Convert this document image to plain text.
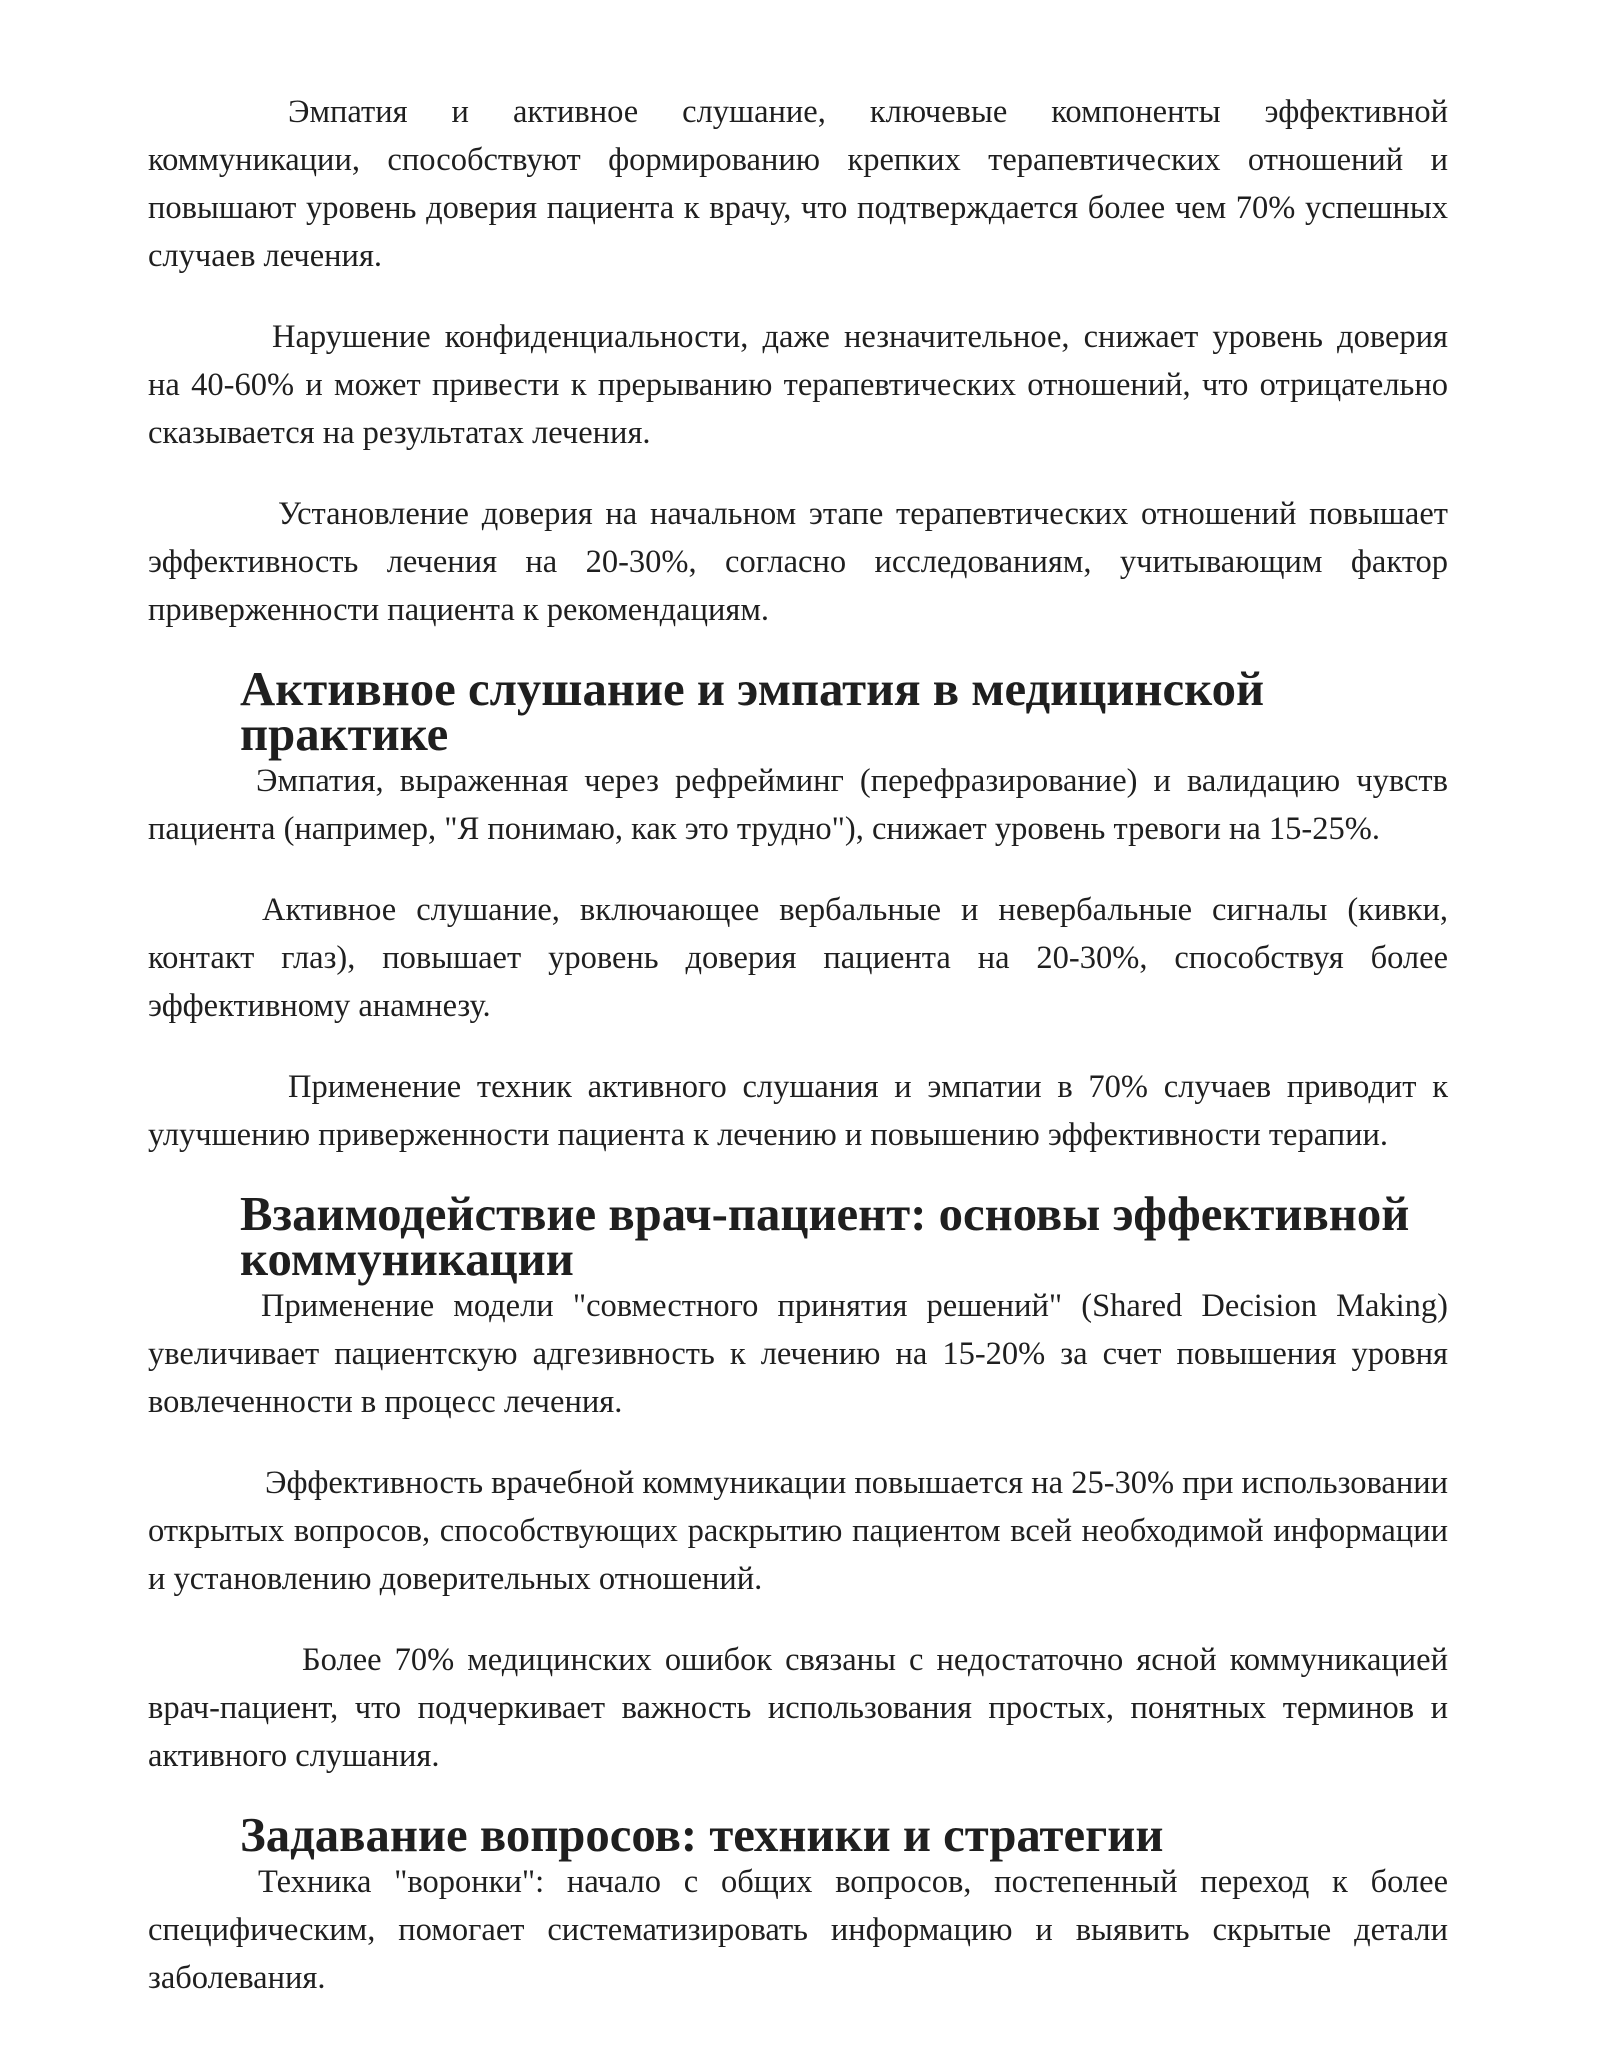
Эмпатия и активное слушание, ключевые компоненты эффективной коммуникации, способствуют формированию крепких терапевтических отношений и повышают уровень доверия пациента к врачу, что подтверждается более чем 70% успешных случаев лечения.

Нарушение конфиденциальности, даже незначительное, снижает уровень доверия на 40-60% и может привести к прерыванию терапевтических отношений, что отрицательно сказывается на результатах лечения.

Установление доверия на начальном этапе терапевтических отношений повышает эффективность лечения на 20-30%, согласно исследованиям, учитывающим фактор приверженности пациента к рекомендациям.

Активное слушание и эмпатия в медицинской практике

Эмпатия, выраженная через рефрейминг (перефразирование) и валидацию чувств пациента (например, "Я понимаю, как это трудно"), снижает уровень тревоги на 15-25%.

Активное слушание, включающее вербальные и невербальные сигналы (кивки, контакт глаз), повышает уровень доверия пациента на 20-30%, способствуя более эффективному анамнезу.

Применение техник активного слушания и эмпатии в 70% случаев приводит к улучшению приверженности пациента к лечению и повышению эффективности терапии.

Взаимодействие врач-пациент: основы эффективной коммуникации

Применение модели "совместного принятия решений" (Shared Decision Making) увеличивает пациентскую адгезивность к лечению на 15-20% за счет повышения уровня вовлеченности в процесс лечения.

Эффективность врачебной коммуникации повышается на 25-30% при использовании открытых вопросов, способствующих раскрытию пациентом всей необходимой информации и установлению доверительных отношений.

Более 70% медицинских ошибок связаны с недостаточно ясной коммуникацией врач-пациент, что подчеркивает важность использования простых, понятных терминов и активного слушания.

Задавание вопросов: техники и стратегии

Техника "воронки": начало с общих вопросов, постепенный переход к более специфическим, помогает систематизировать информацию и выявить скрытые детали заболевания.
